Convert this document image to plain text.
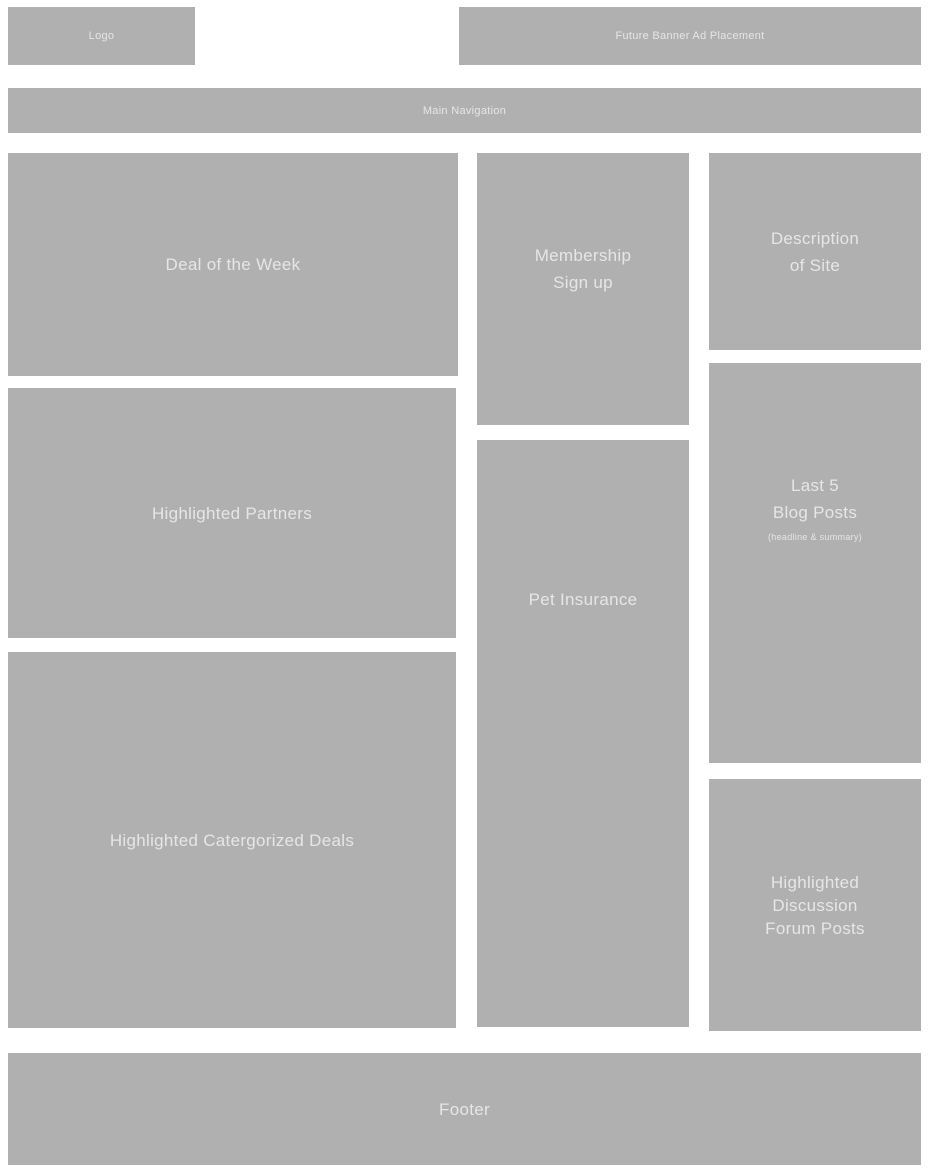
Logo	Future Banner Ad Placement
Main Navigation
Deal of the Week	Membership
Sign up
Description
of Site
Highlighted Partners
Pet Insurance
Last 5
Blog Posts
(headline & summary)
Highlighted Catergorized Deals
Highlighted
Discussion
Forum Posts
Footer
